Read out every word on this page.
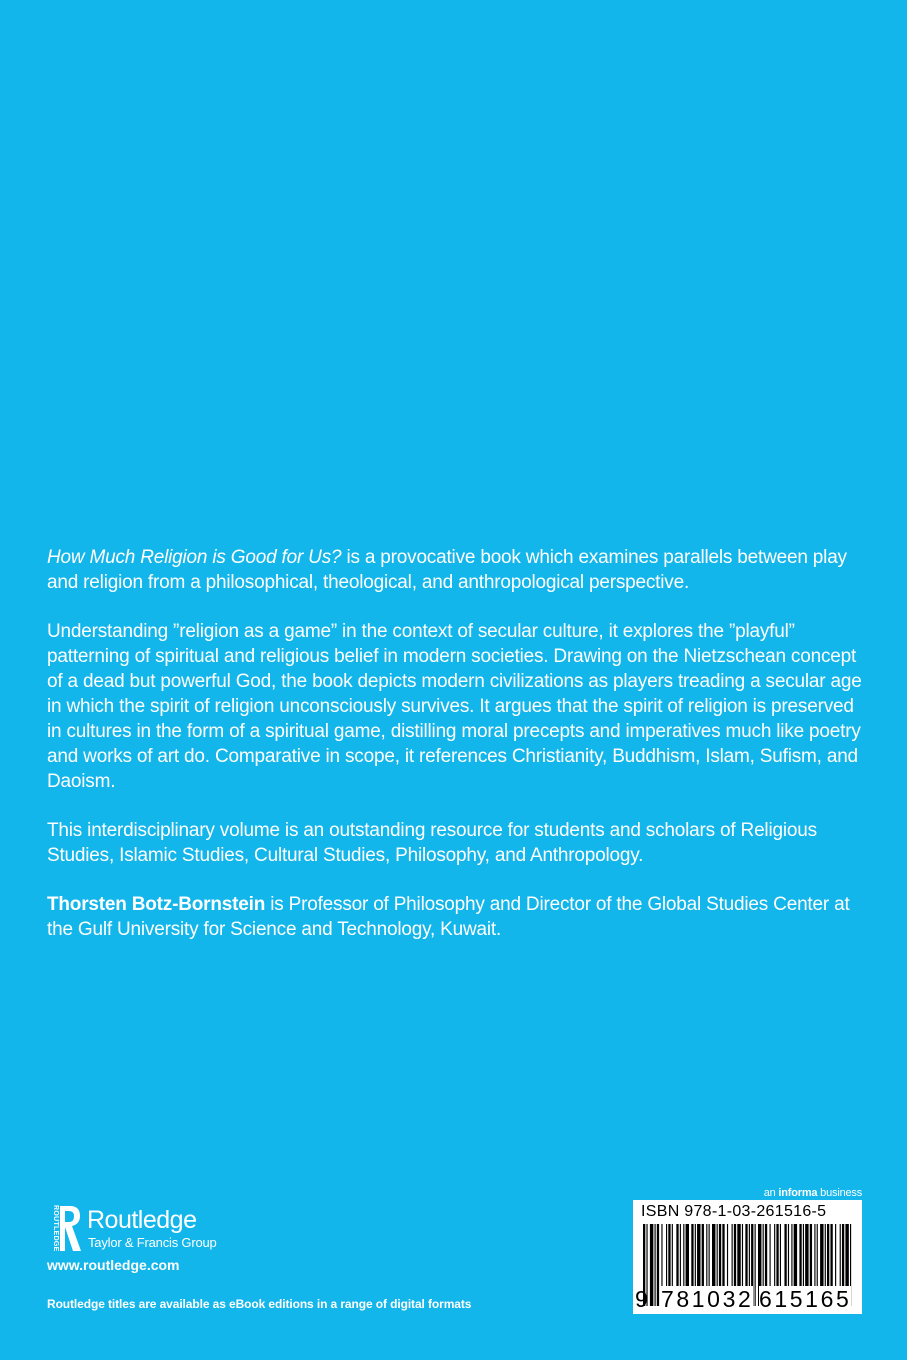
How Much Religion is Good for Us? is a provocative book which examines parallels between play and religion from a philosophical, theological, and anthropological perspective.

Understanding ”religion as a game” in the context of secular culture, it explores the ”playful” patterning of spiritual and religious belief in modern societies. Drawing on the Nietzschean concept of a dead but powerful God, the book depicts modern civilizations as players treading a secular age in which the spirit of religion unconsciously survives. It argues that the spirit of religion is preserved in cultures in the form of a spiritual game, distilling moral precepts and imperatives much like poetry and works of art do. Comparative in scope, it references Christianity, Buddhism, Islam, Sufism, and Daoism.

This interdisciplinary volume is an outstanding resource for students and scholars of Religious Studies, Islamic Studies, Cultural Studies, Philosophy, and Anthropology.

Thorsten Botz-Bornstein is Professor of Philosophy and Director of the Global Studies Center at the Gulf University for Science and Technology, Kuwait.

ROUTLEDGE Routledge
Taylor & Francis Group
www.routledge.com
Routledge titles are available as eBook editions in a range of digital formats
an informa business
ISBN 978-1-03-261516-5
9 781032 615165
